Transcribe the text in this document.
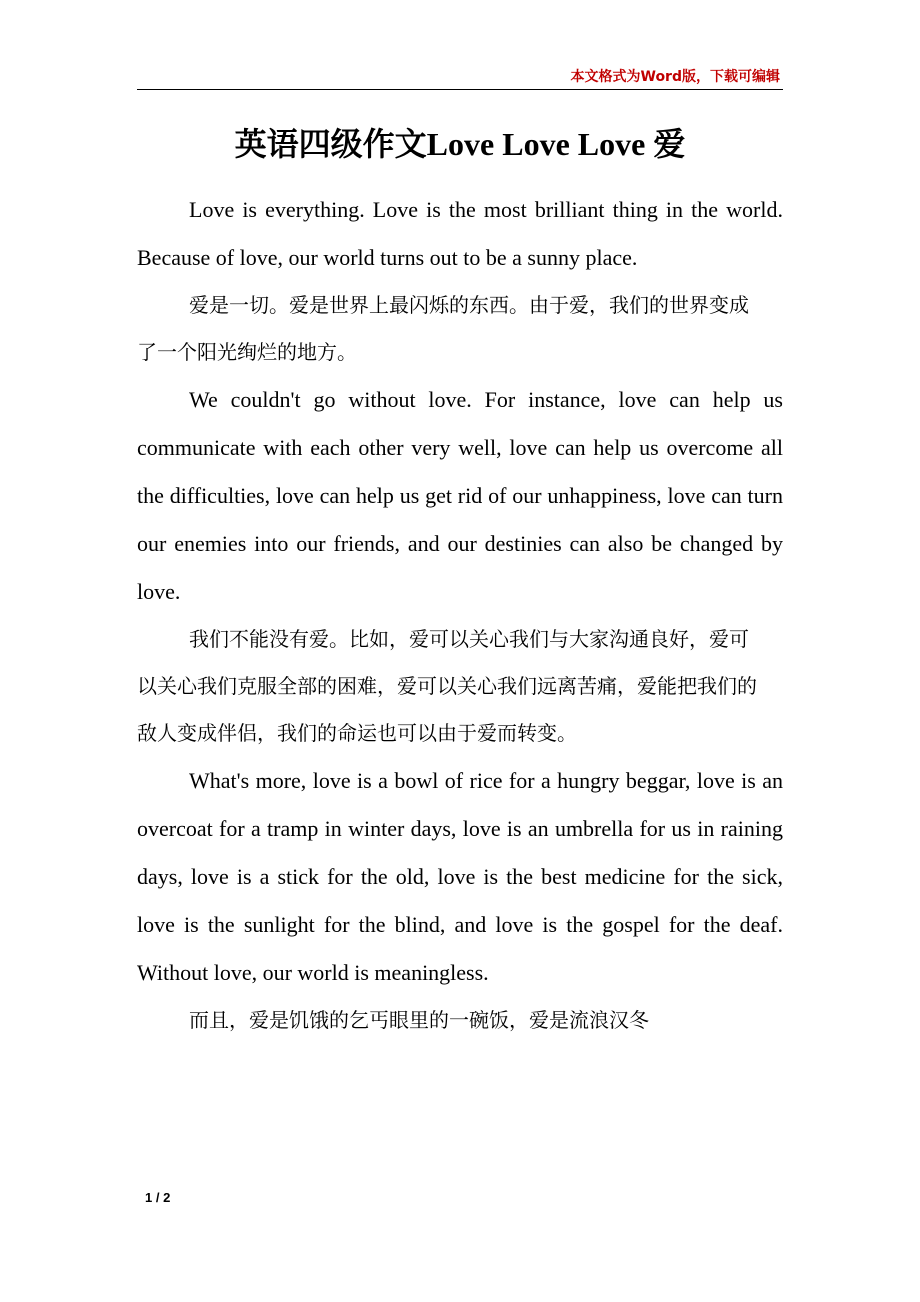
本文格式为Word版，下载可编辑
英语四级作文Love Love Love 爱

Love is everything. Love is the most brilliant thing in the world. Because of love, our world turns out to be a sunny place.

爱是一切。爱是世界上最闪烁的东西。由于爱，我们的世界变成了一个阳光绚烂的地方。

We couldn't go without love. For instance, love can help us communicate with each other very well, love can help us overcome all the difficulties, love can help us get rid of our unhappiness, love can turn our enemies into our friends, and our destinies can also be changed by love.

我们不能没有爱。比如，爱可以关心我们与大家沟通良好，爱可以关心我们克服全部的困难，爱可以关心我们远离苦痛，爱能把我们的敌人变成伴侣，我们的命运也可以由于爱而转变。

What's more, love is a bowl of rice for a hungry beggar, love is an overcoat for a tramp in winter days, love is an umbrella for us in raining days, love is a stick for the old, love is the best medicine for the sick, love is the sunlight for the blind, and love is the gospel for the deaf. Without love, our world is meaningless.

而且，爱是饥饿的乞丐眼里的一碗饭，爱是流浪汉冬

1 / 2
